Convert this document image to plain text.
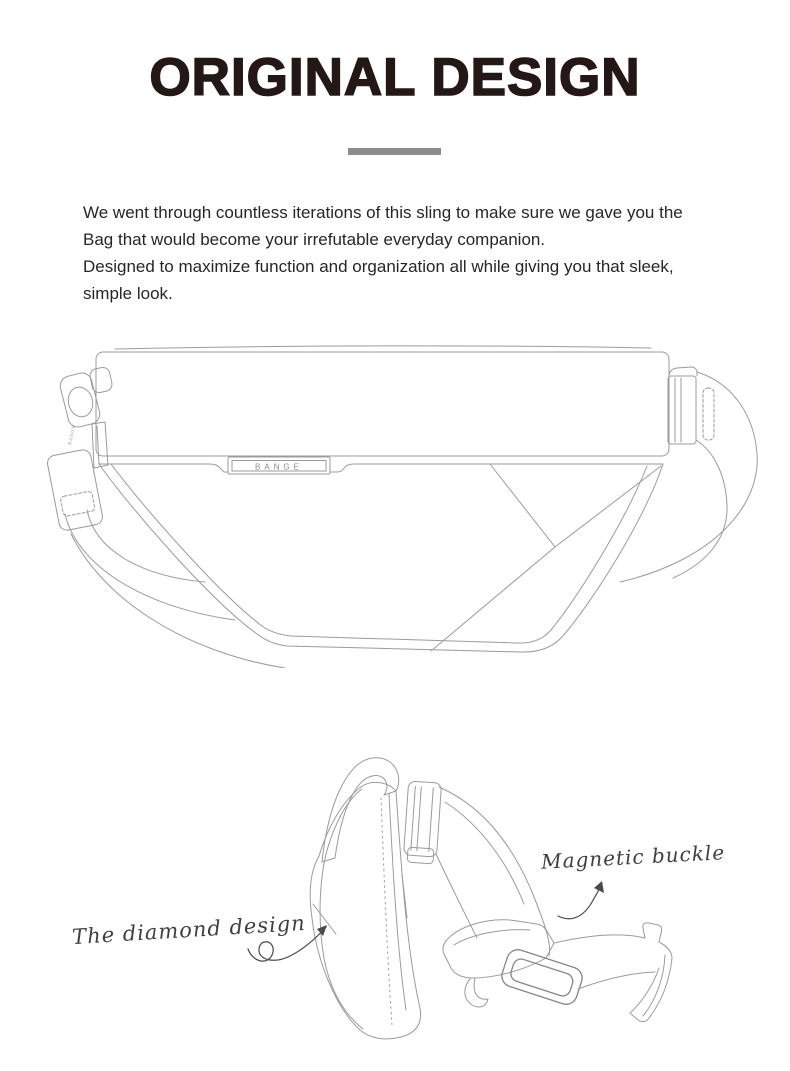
ORIGINAL DESIGN
We went through countless iterations of this sling to make sure we gave you the
Bag that would become your irrefutable everyday companion.
Designed to maximize function and organization all while giving you that sleek,
simple look.
BANGE
BANGE
The diamond design
Magnetic buckle
